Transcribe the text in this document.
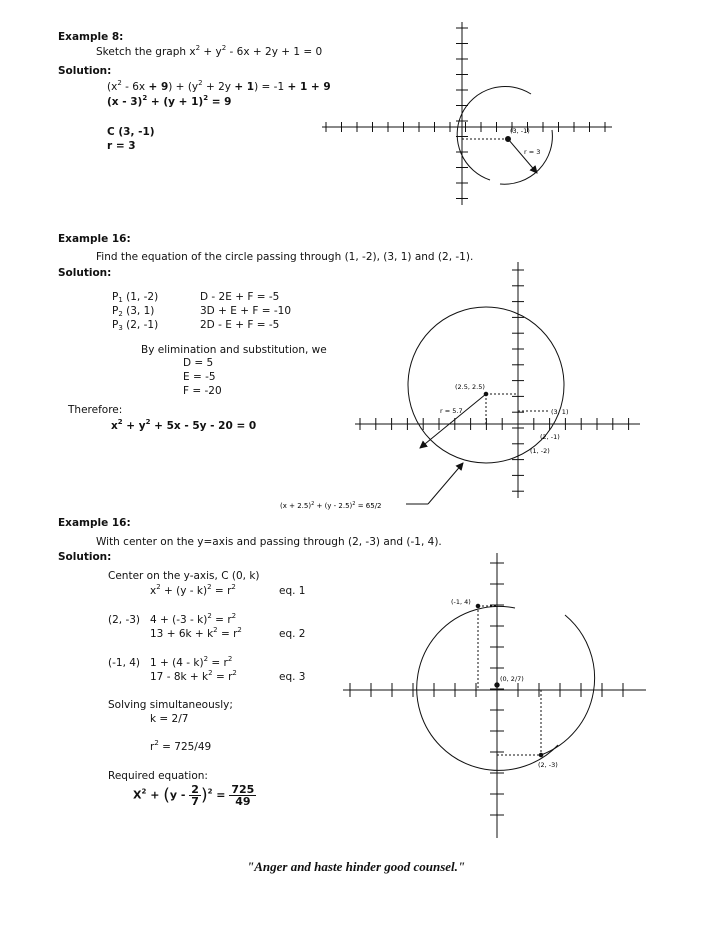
Example 8:
Sketch the graph $x^2 + y^2 - 6x + 2y + 1 = 0$
Solution:
$(x^2 - 6x + 9) + (y^2 + 2y + 1) = -1 + 1 + 9$
$(x - 3)^2 + (y + 1)^2 = 9$
C (3, -1)
r = 3
Example 16:
Find the equation of the circle passing through (1, -2), (3, 1) and (2, -1).
Solution:
$P_1$ (1, -2)	D - 2E + F = -5
$P_2$ (3, 1)	3D + E + F = -10
$P_3$ (2, -1)	2D - E + F = -5
By elimination and substitution, we
D = 5
E = -5
F = -20
Therefore:
$x^2 + y^2 + 5x - 5y - 20 = 0$
Example 16:
With center on the y=axis and passing through (2, -3) and (-1, 4).
Solution:
Center on the y-axis, C (0, k)
$x^2 + (y - k)^2 = r^2$	eq. 1
(2, -3) $4 + (-3 - k)^2 = r^2$
$13 + 6k + k^2 = r^2$	eq. 2
(-1, 4) $1 + (4 - k)^2 = r^2$
$17 - 8k + k^2 = r^2$	eq. 3
Solving simultaneously;
k = 2/7
$r^2 = 725/49$
Required equation:
$X^2 + (y - \frac{2}{7} )^2 = \frac{725}{49}$
"Anger and haste hinder good counsel."
(3, -1)
r = 3
(2.5, 2.5)
r = 5.7	(3, 1)
(2, -1)
(1, -2)
$(x + 2.5)^2 + (y - 2.5)^2 = 65/2$
(-1, 4)
(0, 2/7)
(2, -3)
